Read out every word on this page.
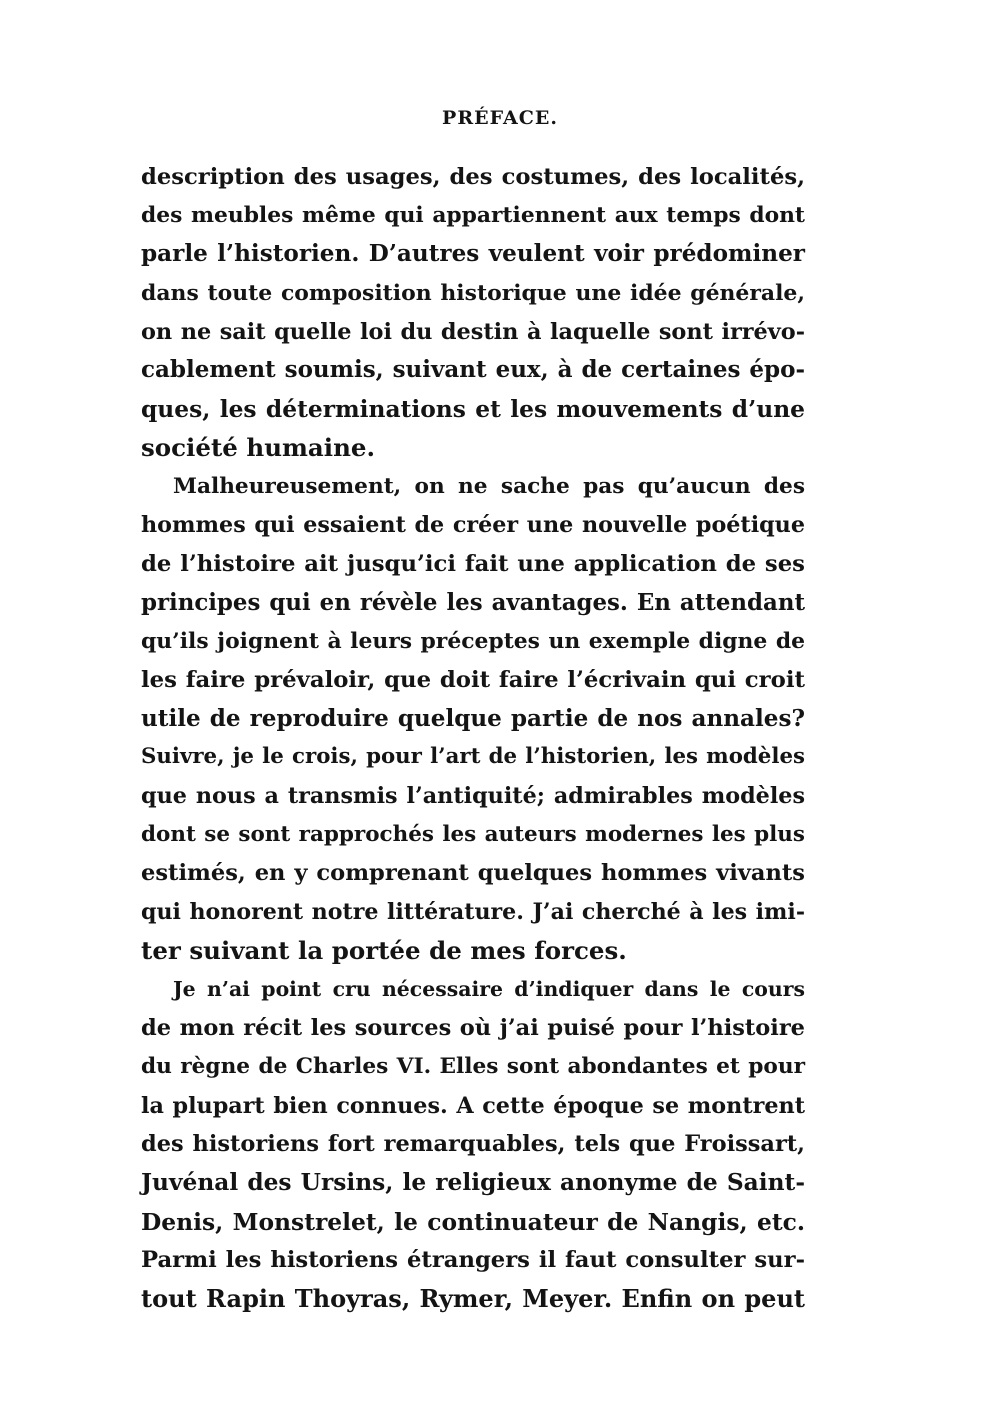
PRÉFACE.
description des usages, des costumes, des localités,
des meubles même qui appartiennent aux temps dont
parle l’historien. D’autres veulent voir prédominer
dans toute composition historique une idée générale,
on ne sait quelle loi du destin à laquelle sont irrévo-
cablement soumis, suivant eux, à de certaines épo-
ques, les déterminations et les mouvements d’une
société humaine.
Malheureusement, on ne sache pas qu’aucun des
hommes qui essaient de créer une nouvelle poétique
de l’histoire ait jusqu’ici fait une application de ses
principes qui en révèle les avantages. En attendant
qu’ils joignent à leurs préceptes un exemple digne de
les faire prévaloir, que doit faire l’écrivain qui croit
utile de reproduire quelque partie de nos annales?
Suivre, je le crois, pour l’art de l’historien, les modèles
que nous a transmis l’antiquité; admirables modèles
dont se sont rapprochés les auteurs modernes les plus
estimés, en y comprenant quelques hommes vivants
qui honorent notre littérature. J’ai cherché à les imi-
ter suivant la portée de mes forces.
Je n’ai point cru nécessaire d’indiquer dans le cours
de mon récit les sources où j’ai puisé pour l’histoire
du règne de Charles VI. Elles sont abondantes et pour
la plupart bien connues. A cette époque se montrent
des historiens fort remarquables, tels que Froissart,
Juvénal des Ursins, le religieux anonyme de Saint-
Denis, Monstrelet, le continuateur de Nangis, etc.
Parmi les historiens étrangers il faut consulter sur-
tout Rapin Thoyras, Rymer, Meyer. Enfin on peut
